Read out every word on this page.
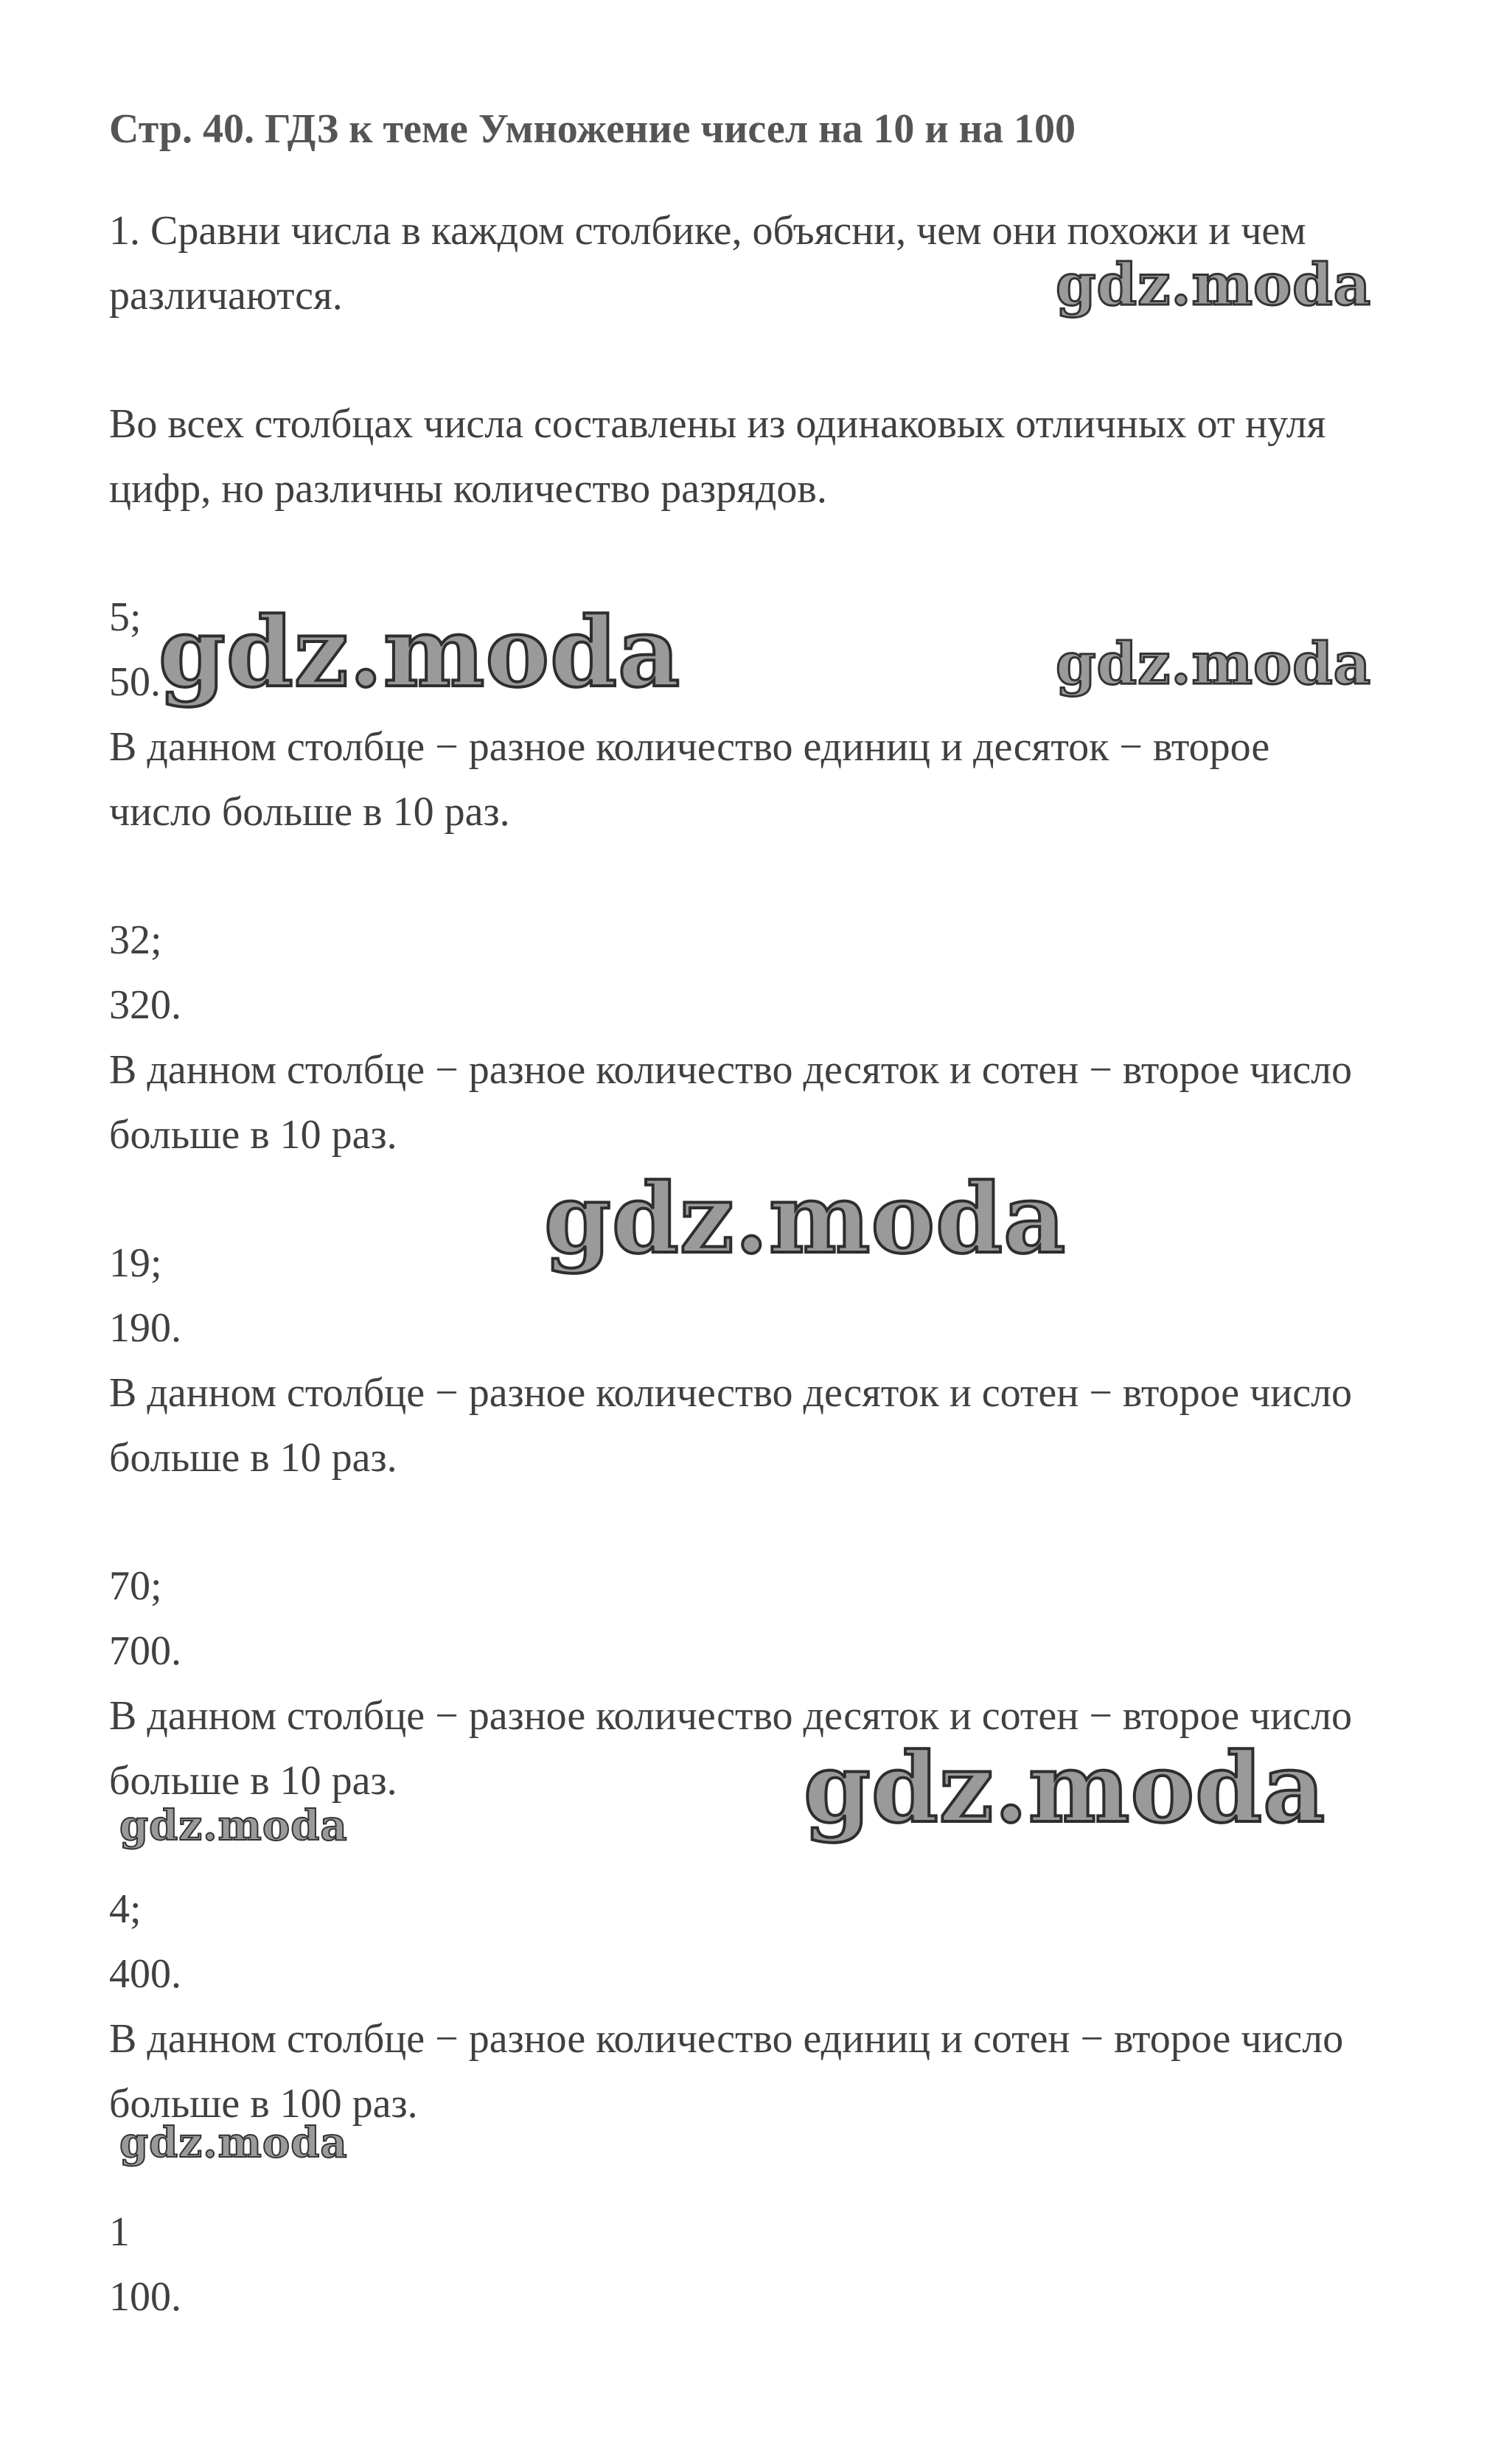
Стр. 40. ГДЗ к теме Умножение чисел на 10 и на 100
1. Сравни числа в каждом столбике, объясни, чем они похожи и чем
различаются.
Во всех столбцах числа составлены из одинаковых отличных от нуля
цифр, но различны количество разрядов.
5;
50.
В данном столбце − разное количество единиц и десяток − второе
число больше в 10 раз.
32;
320.
В данном столбце − разное количество десяток и сотен − второе число
больше в 10 раз.
19;
190.
В данном столбце − разное количество десяток и сотен − второе число
больше в 10 раз.
70;
700.
В данном столбце − разное количество десяток и сотен − второе число
больше в 10 раз.
4;
400.
В данном столбце − разное количество единиц и сотен − второе число
больше в 100 раз.
1
100.
gdz.moda
gdz.moda	gdz.moda
gdz.moda
gdz.moda
gdz.moda
gdz.moda
